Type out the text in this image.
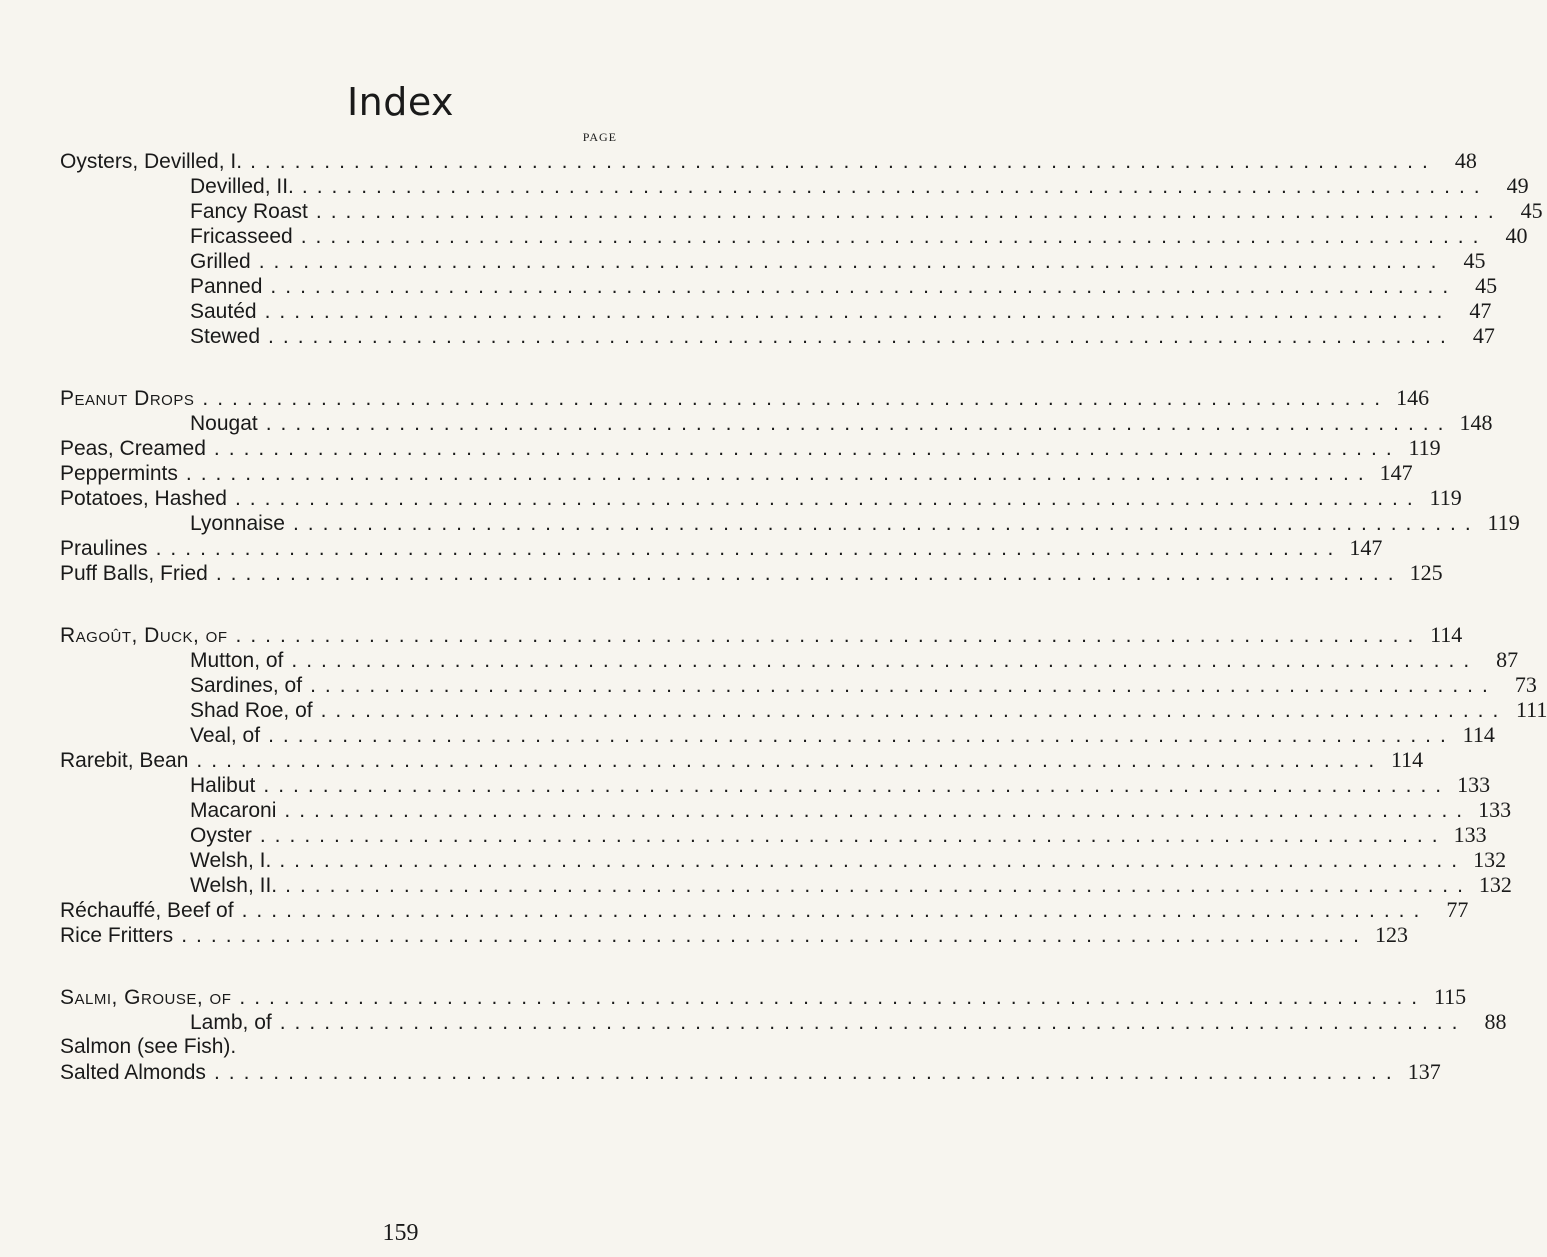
Index
PAGE
Oysters, Devilled, I. ................................................................................ 48
Devilled, II. ................................................................................ 49
Fancy Roast ................................................................................ 45
Fricasseed ................................................................................ 40
Grilled ................................................................................ 45
Panned ................................................................................ 45
Sautéd ................................................................................ 47
Stewed ................................................................................ 47
Peanut Drops ................................................................................ 146
Nougat ................................................................................ 148
Peas, Creamed ................................................................................ 119
Peppermints ................................................................................ 147
Potatoes, Hashed ................................................................................ 119
Lyonnaise ................................................................................ 119
Praulines ................................................................................ 147
Puff Balls, Fried ................................................................................ 125
Ragoût, Duck, of ................................................................................ 114
Mutton, of ................................................................................ 87
Sardines, of ................................................................................ 73
Shad Roe, of ................................................................................ 111
Veal, of ................................................................................ 114
Rarebit, Bean ................................................................................ 114
Halibut ................................................................................ 133
Macaroni ................................................................................ 133
Oyster ................................................................................ 133
Welsh, I. ................................................................................ 132
Welsh, II. ................................................................................ 132
Réchauffé, Beef of ................................................................................ 77
Rice Fritters ................................................................................ 123
Salmi, Grouse, of ................................................................................ 115
Lamb, of ................................................................................ 88
Salmon (see Fish).
Salted Almonds ................................................................................ 137
159
